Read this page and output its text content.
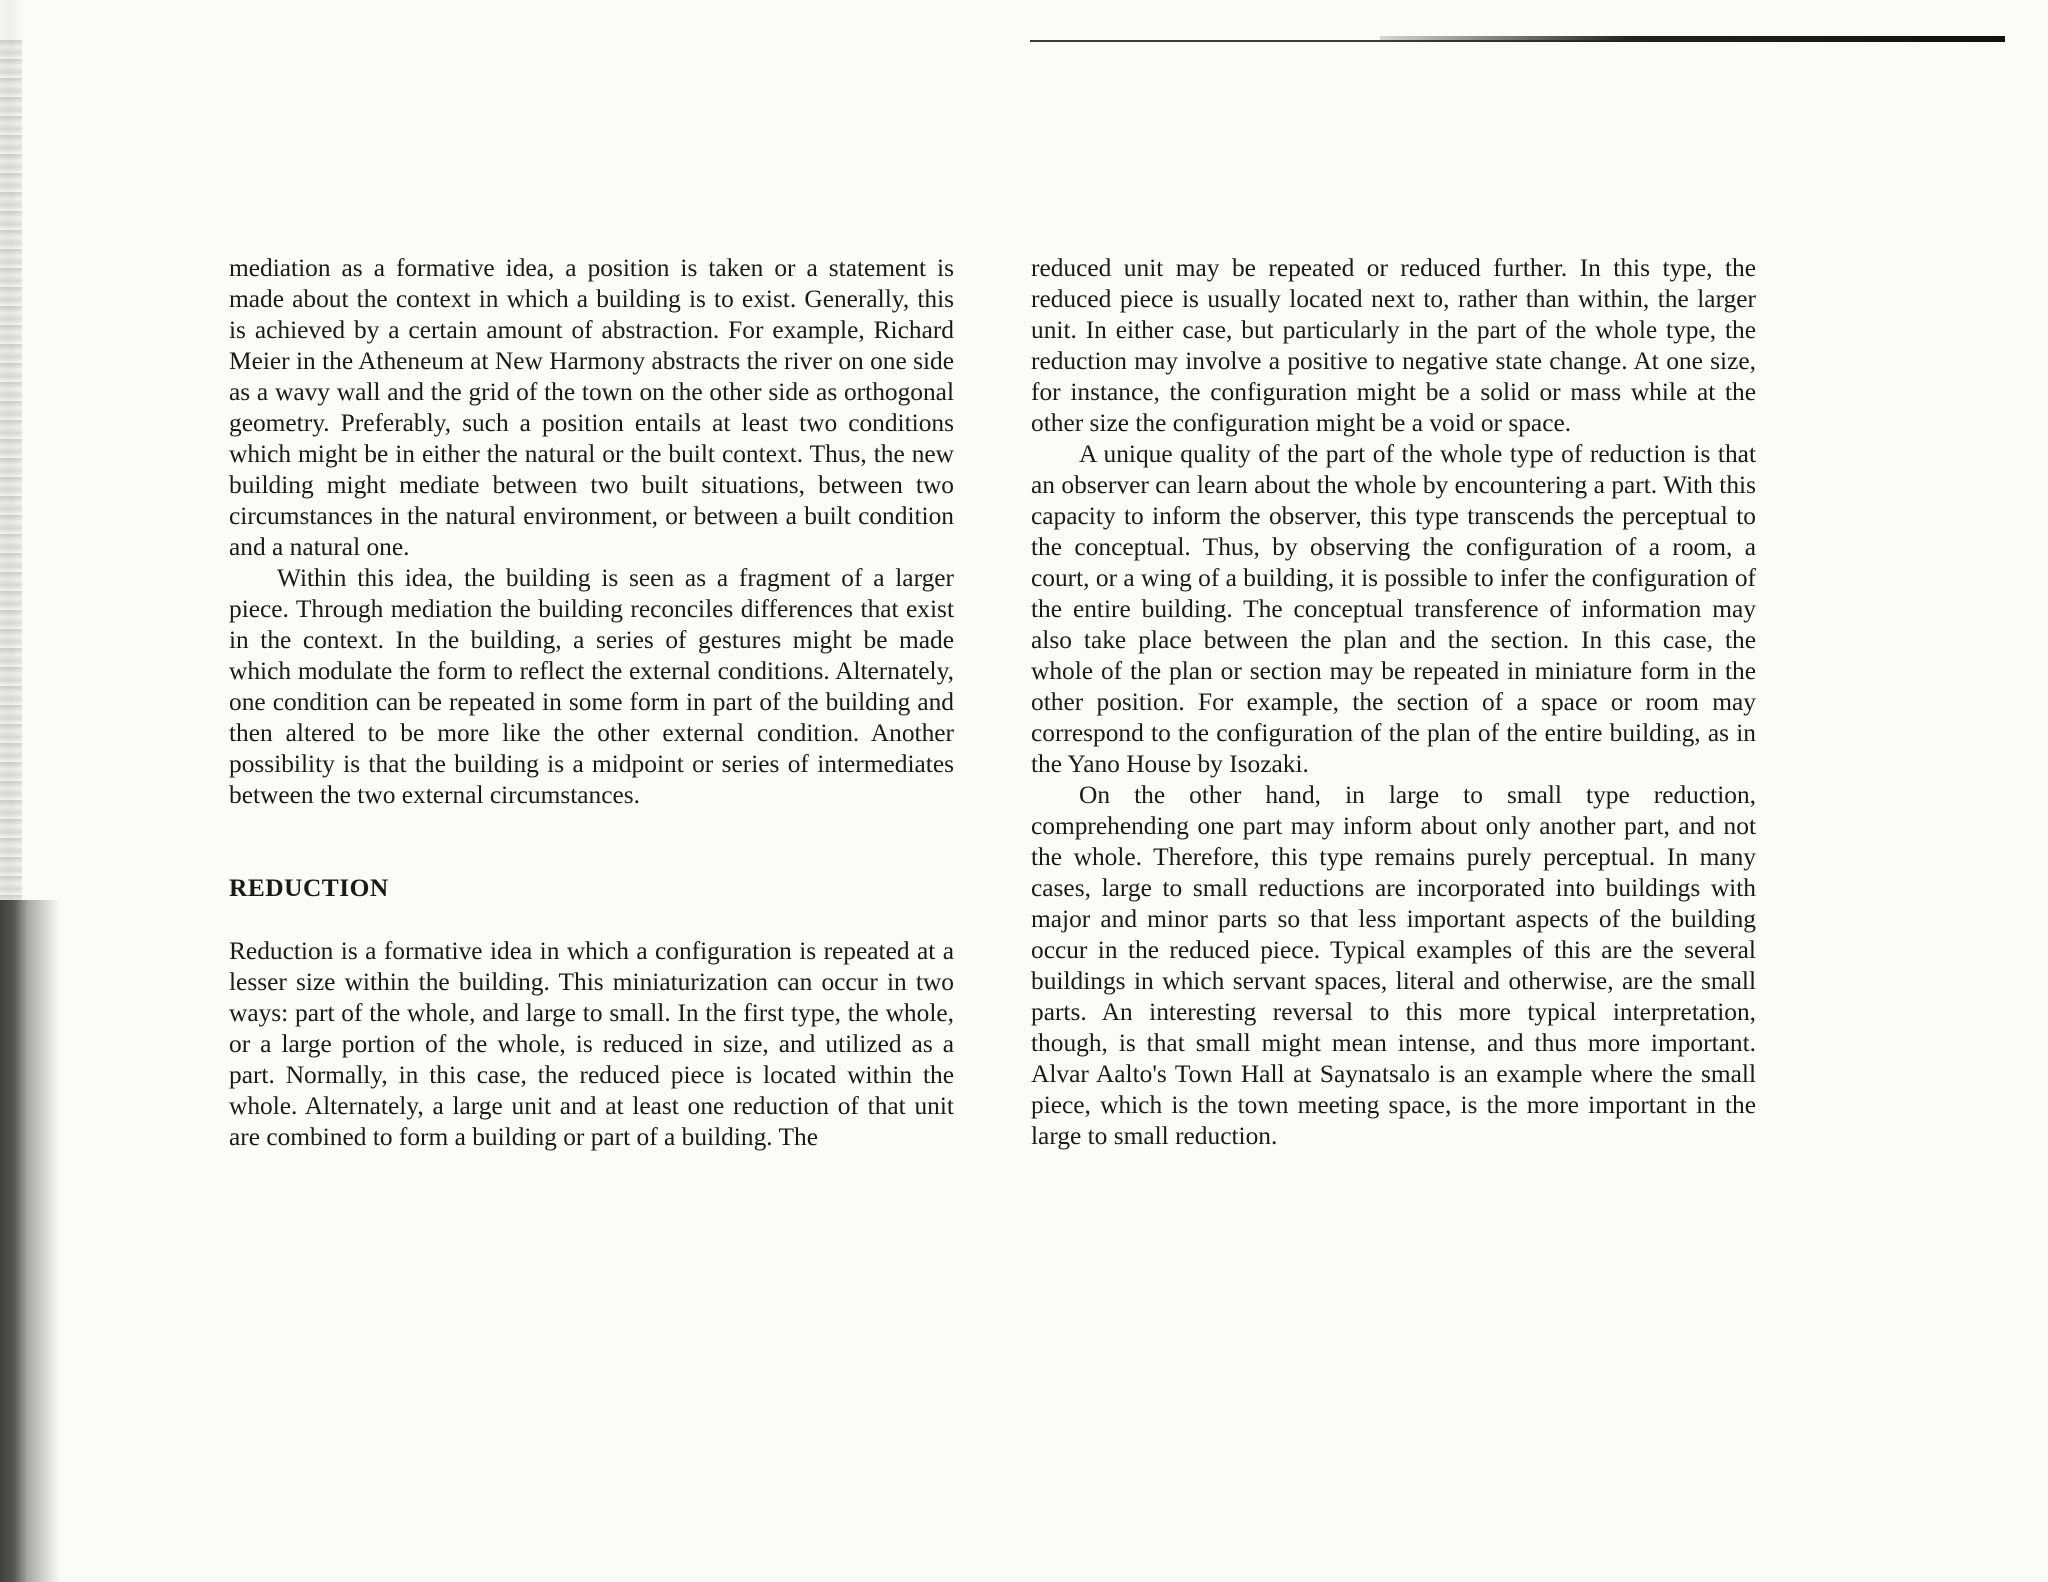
mediation as a formative idea, a position is taken or a statement is made about the context in which a building is to exist. Generally, this is achieved by a certain amount of abstraction. For example, Richard Meier in the Atheneum at New Harmony abstracts the river on one side as a wavy wall and the grid of the town on the other side as orthogonal geometry. Preferably, such a position entails at least two conditions which might be in either the natural or the built context. Thus, the new building might mediate between two built situations, between two circumstances in the natural environment, or between a built condition and a natural one.

Within this idea, the building is seen as a fragment of a larger piece. Through mediation the building reconciles differences that exist in the context. In the building, a series of gestures might be made which modulate the form to reflect the external conditions. Alternately, one condition can be repeated in some form in part of the building and then altered to be more like the other external condition. Another possibility is that the building is a midpoint or series of intermediates between the two external circumstances.

REDUCTION

Reduction is a formative idea in which a configuration is repeated at a lesser size within the building. This miniaturization can occur in two ways: part of the whole, and large to small. In the first type, the whole, or a large portion of the whole, is reduced in size, and utilized as a part. Normally, in this case, the reduced piece is located within the whole. Alternately, a large unit and at least one reduction of that unit are combined to form a building or part of a building. The

reduced unit may be repeated or reduced further. In this type, the reduced piece is usually located next to, rather than within, the larger unit. In either case, but particularly in the part of the whole type, the reduction may involve a positive to negative state change. At one size, for instance, the configuration might be a solid or mass while at the other size the configuration might be a void or space.

A unique quality of the part of the whole type of reduction is that an observer can learn about the whole by encountering a part. With this capacity to inform the observer, this type transcends the perceptual to the conceptual. Thus, by observing the configuration of a room, a court, or a wing of a building, it is possible to infer the configuration of the entire building. The conceptual transference of information may also take place between the plan and the section. In this case, the whole of the plan or section may be repeated in miniature form in the other position. For example, the section of a space or room may correspond to the configuration of the plan of the entire building, as in the Yano House by Isozaki.

On the other hand, in large to small type reduction, comprehending one part may inform about only another part, and not the whole. Therefore, this type remains purely perceptual. In many cases, large to small reductions are incorporated into buildings with major and minor parts so that less important aspects of the building occur in the reduced piece. Typical examples of this are the several buildings in which servant spaces, literal and otherwise, are the small parts. An interesting reversal to this more typical interpretation, though, is that small might mean intense, and thus more important. Alvar Aalto's Town Hall at Saynatsalo is an example where the small piece, which is the town meeting space, is the more important in the large to small reduction.
